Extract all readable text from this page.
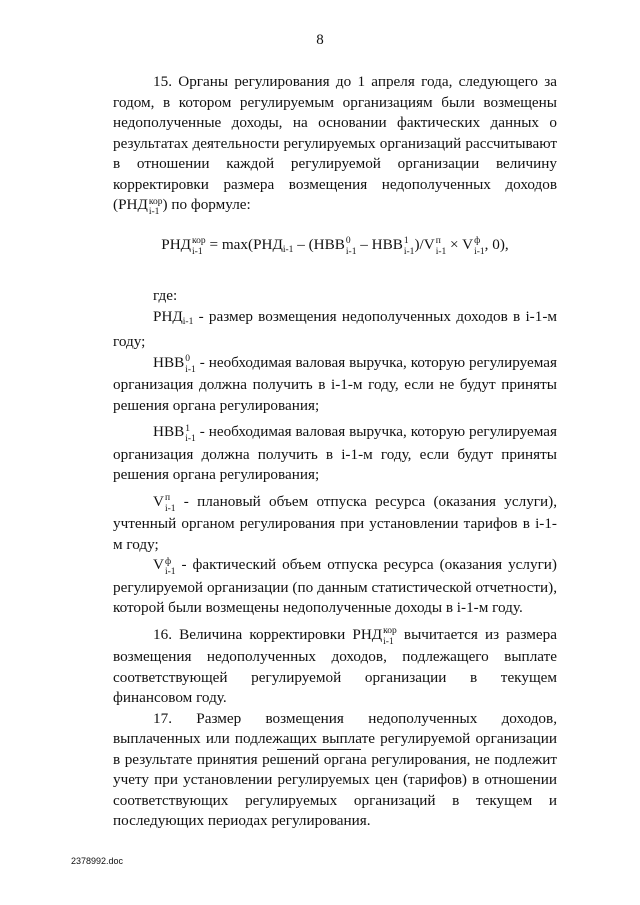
8

15. Органы регулирования до 1 апреля года, следующего за годом, в котором регулируемым организациям были возмещены недополученные доходы, на основании фактических данных о результатах деятельности регулируемых организаций рассчитывают в отношении каждой регулируемой организации величину корректировки размера возмещения недополученных доходов (РНД кор
i-1 ) по формуле:

РНД кор
$i-1 = \max(РНД_{i-1} - (НВВ$ 0
i-1 – НВВ 1
i-1 )/V п
i-1 × V ф
i-1 , 0),

где:

$РНД_{i-1}$ - размер возмещения недополученных доходов в i-1-м году;

НВВ 0
i-1 - необходимая валовая выручка, которую регулируемая организация должна получить в i-1-м году, если не будут приняты решения органа регулирования;

НВВ 1
i-1 - необходимая валовая выручка, которую регулируемая организация должна получить в i-1-м году, если будут приняты решения органа регулирования;

V п
i-1 - плановый объем отпуска ресурса (оказания услуги), учтенный органом регулирования при установлении тарифов в i-1-м году;

V ф
i-1 - фактический объем отпуска ресурса (оказания услуги) регулируемой организации (по данным статистической отчетности), которой были возмещены недополученные доходы в i-1-м году.

16. Величина корректировки РНД кор
i-1 вычитается из размера возмещения недополученных доходов, подлежащего выплате соответствующей регулируемой организации в текущем финансовом году.

17. Размер возмещения недополученных доходов, выплаченных или подлежащих выплате регулируемой организации в результате принятия решений органа регулирования, не подлежит учету при установлении регулируемых цен (тарифов) в отношении соответствующих регулируемых организаций в текущем и последующих периодах регулирования.

2378992.doc
